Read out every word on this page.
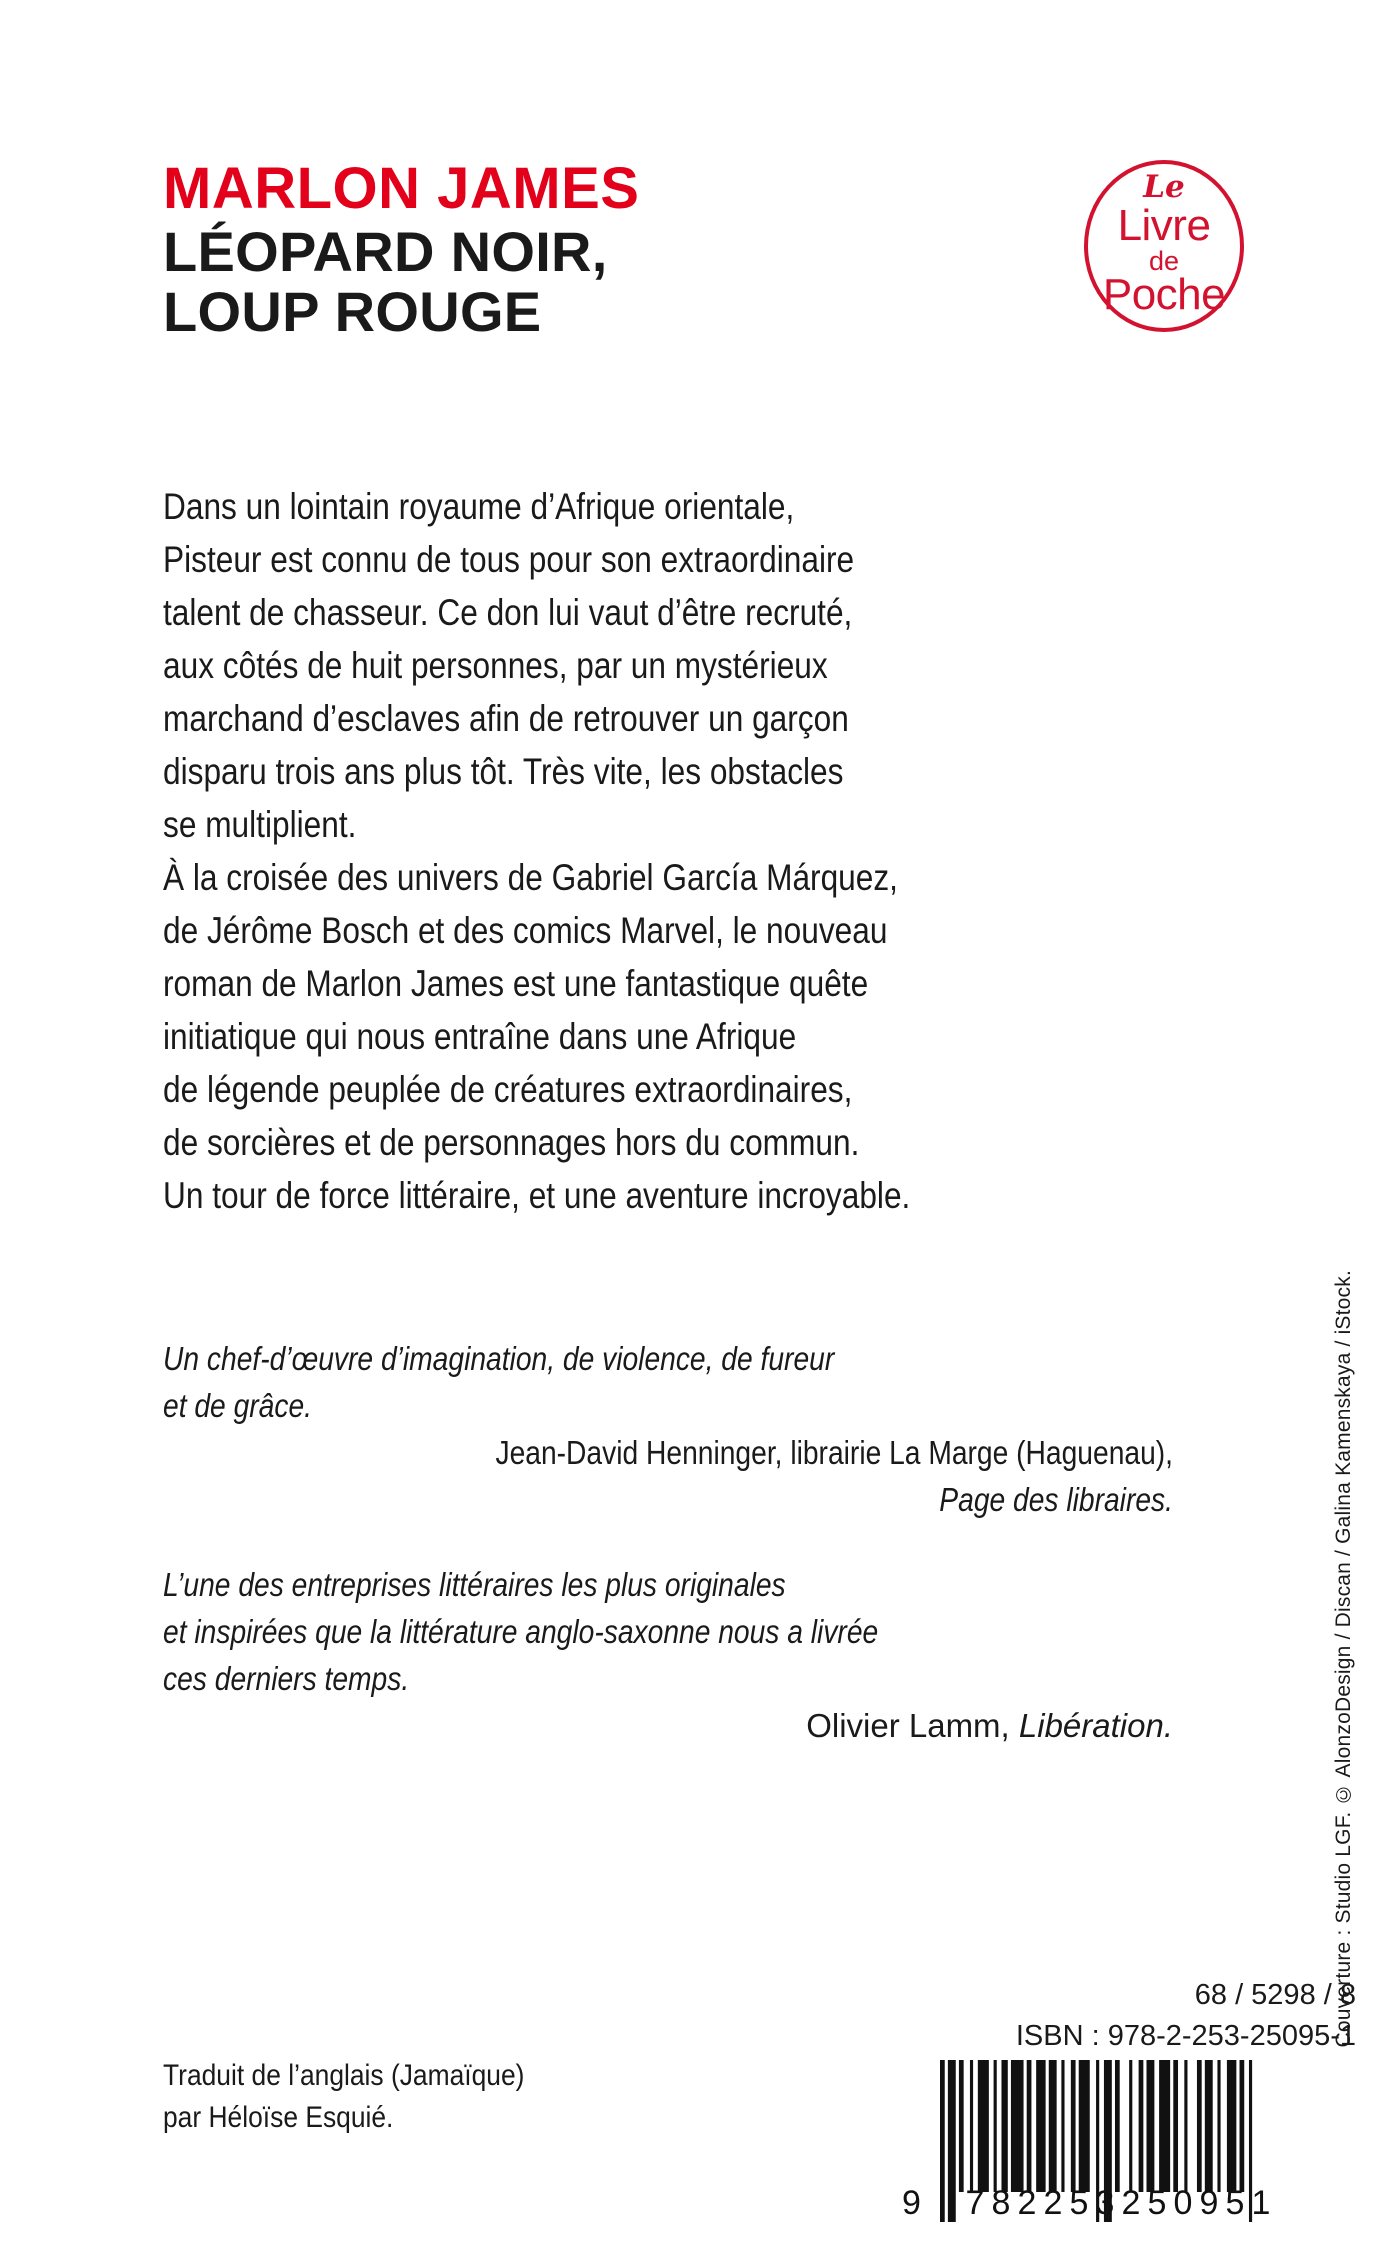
MARLON JAMES
LÉOPARD NOIR,
LOUP ROUGE
Le
Livre
de
Poche
Dans un lointain royaume d’Afrique orientale,
Pisteur est connu de tous pour son extraordinaire
talent de chasseur. Ce don lui vaut d’être recruté,
aux côtés de huit personnes, par un mystérieux
marchand d’esclaves afin de retrouver un garçon
disparu trois ans plus tôt. Très vite, les obstacles
se multiplient.
À la croisée des univers de Gabriel García Márquez,
de Jérôme Bosch et des comics Marvel, le nouveau
roman de Marlon James est une fantastique quête
initiatique qui nous entraîne dans une Afrique
de légende peuplée de créatures extraordinaires,
de sorcières et de personnages hors du commun.
Un tour de force littéraire, et une aventure incroyable.
Un chef-d’œuvre d’imagination, de violence, de fureur
et de grâce.
Jean-David Henninger, librairie La Marge (Haguenau),
Page des libraires.
L’une des entreprises littéraires les plus originales
et inspirées que la littérature anglo-saxonne nous a livrée
ces derniers temps.
Olivier Lamm, Libération.	Couverture : Studio LGF. © AlonzoDesign / Discan / Galina Kamenskaya / iStock.
68 / 5298 / 8
ISBN : 978-2-253-25095-1
Traduit de l’anglais (Jamaïque)
par Héloïse Esquié.
9 7 8 2 2 5 3 2 5 0 9 5 1
